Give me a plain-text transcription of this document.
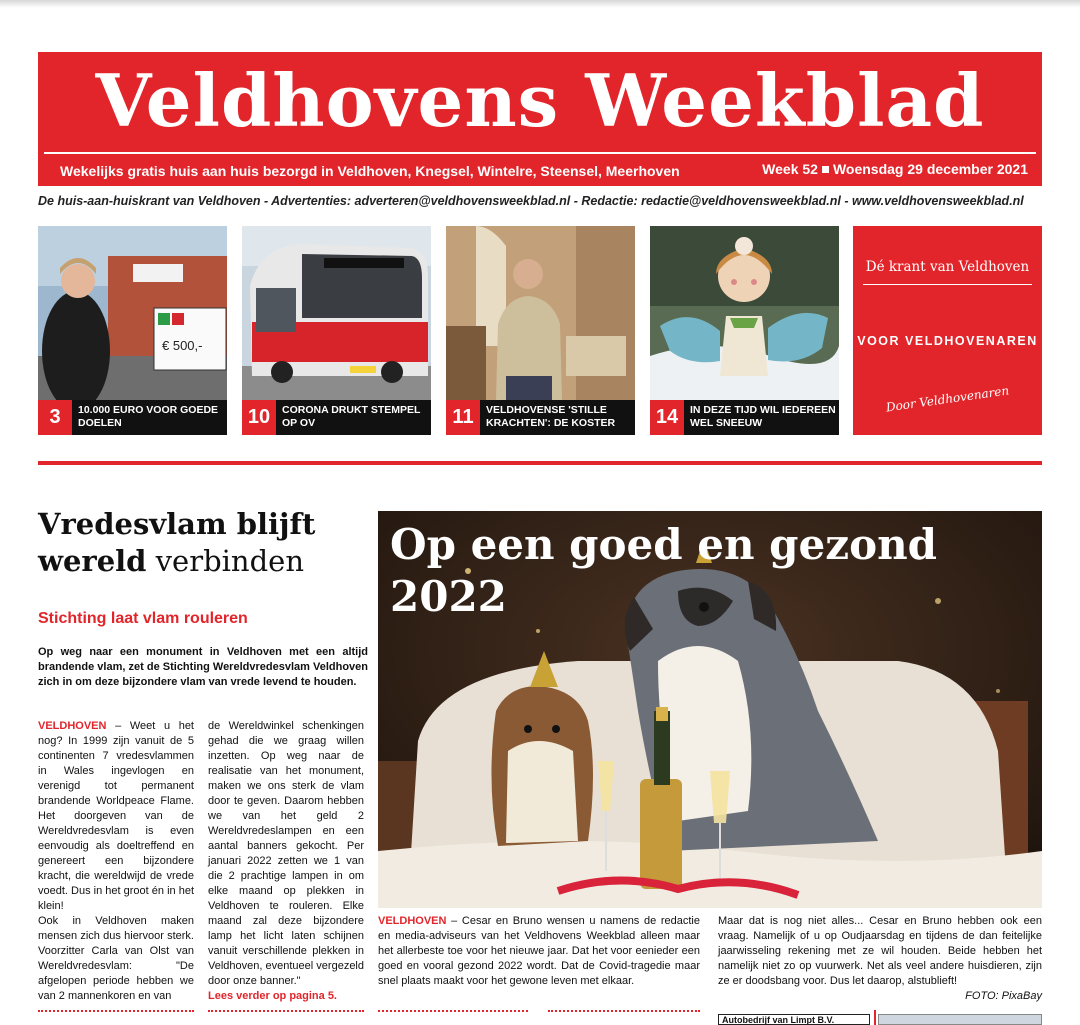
Veldhovens Weekblad
Wekelijks gratis huis aan huis bezorgd in Veldhoven, Knegsel, Wintelre, Steensel, Meerhoven	Week 52 Woensdag 29 december 2021
De huis-aan-huiskrant van Veldhoven - Advertenties: adverteren@veldhovensweekblad.nl - Redactie: redactie@veldhovensweekblad.nl - www.veldhovensweekblad.nl
€ 500,-
3	10.000 EURO VOOR GOEDE DOELEN	10	CORONA DRUKT STEMPEL OP OV	11	VELDHOVENSE 'STILLE KRACHTEN': DE KOSTER	14	IN DEZE TIJD WIL IEDEREEN WEL SNEEUW
Dé krant van Veldhoven
VOOR VELDHOVENAREN
Door Veldhovenaren
Vredesvlam blijft
wereld verbinden
Stichting laat vlam rouleren
Op weg naar een monument in Veldhoven met een altijd brandende vlam, zet de Stichting Wereldvredesvlam Veldhoven zich in om deze bijzondere vlam van vrede levend te houden.
VELDHOVEN – Weet u het nog? In 1999 zijn vanuit de 5 continenten 7 vredesvlammen in Wales ingevlogen en verenigd tot permanent brandende Worldpeace Flame. Het doorgeven van de Wereldvredesvlam is even eenvoudig als doeltreffend en genereert een bijzondere kracht, die wereldwijd de vrede voedt. Dus in het groot én in het klein!
Ook in Veldhoven maken mensen zich dus hiervoor sterk. Voorzitter Carla van Olst van Wereldvredesvlam: "De afgelopen periode hebben we van 2 mannenkoren en van
de Wereldwinkel schenkingen gehad die we graag willen inzetten. Op weg naar de realisatie van het monument, maken we ons sterk de vlam door te geven. Daarom hebben we van het geld 2 Wereldvredeslampen en een aantal banners gekocht. Per januari 2022 zetten we 1 van die 2 prachtige lampen in om elke maand op plekken in Veldhoven te rouleren. Elke maand zal deze bijzondere lamp het licht laten schijnen vanuit verschillende plekken in Veldhoven, eventueel vergezeld door onze banner."
Lees verder op pagina 5.
Op een goed en gezond 2022
VELDHOVEN – Cesar en Bruno wensen u namens de redactie en media-adviseurs van het Veldhovens Weekblad alleen maar het allerbeste toe voor het nieuwe jaar. Dat het voor eenieder een goed en vooral gezond 2022 wordt. Dat de Covid-tragedie maar snel plaats maakt voor het gewone leven met elkaar.
Maar dat is nog niet alles... Cesar en Bruno hebben ook een vraag. Namelijk of u op Oudjaarsdag en tijdens de dan feitelijke jaarwisseling rekening met ze wil houden. Beide hebben het namelijk niet zo op vuurwerk. Net als veel andere huisdieren, zijn ze er doodsbang voor. Dus let daarop, alstublieft!
FOTO: PixaBay
Autobedrijf van Limpt B.V.
